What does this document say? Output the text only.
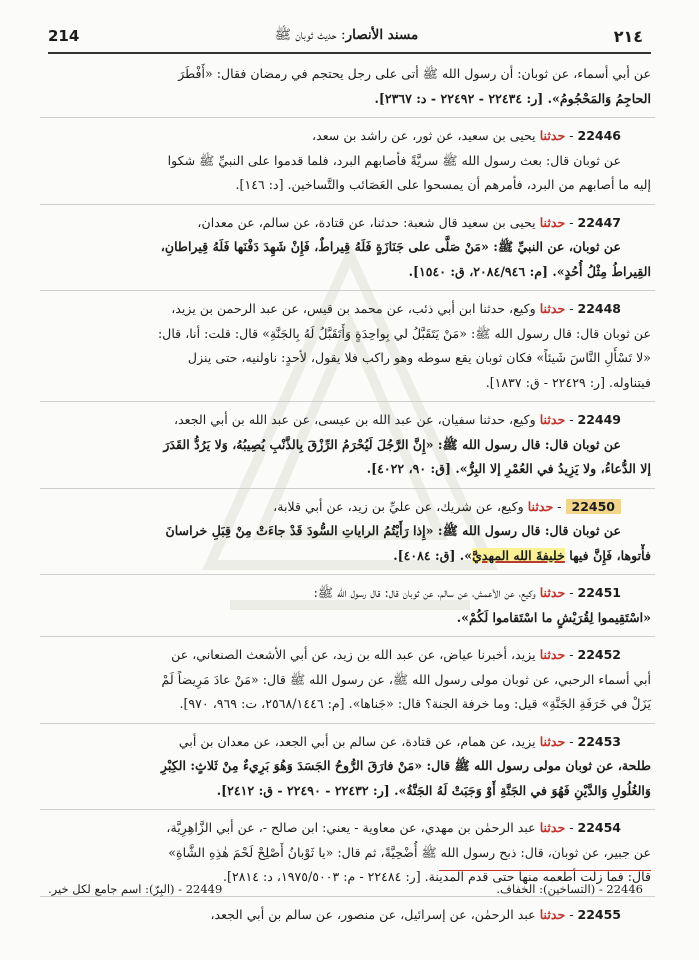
214	مسند الأنصار: حديث ثوبان ﷺ	٢١٤
عن أبي أسماء، عن ثوبان: أن رسول الله ﷺ أتى على رجل يحتجم في رمضان فقال: «أَفْطَرَ
الحاجِمُ وَالمَحْجُومُ». [ر: ٢٢٤٣٤ - ٢٢٤٩٢ - د: ٢٣٦٧].
22446 - حدثنا يحيى بن سعيد، عن ثور، عن راشد بن سعد،
عن ثوبان قال: بعث رسول الله ﷺ سريَّةً فأصابهم البرد، فلما قدموا على النبيِّ ﷺ شكوا
إليه ما أصابهم من البرد، فأمرهم أن يمسحوا على العَصَائب والتَّساخين. [د: ١٤٦].
22447 - حدثنا يحيى بن سعيد قال شعبة: حدثنا، عن قتادة، عن سالم، عن معدان،
عن ثوبان، عن النبيِّ ﷺ: «مَنْ صَلَّى على جَنَازَةٍ فَلَهُ قِيراطٌ، فَإِنْ شَهِدَ دَفْنَها فَلَهُ قِيراطانِ،
القِيراطُ مِثْلُ أُحُدٍ». [م: ٢٠٨٤/٩٤٦، ق: ١٥٤٠].
22448 - حدثنا وكيع، حدثنا ابن أبي ذئب، عن محمد بن قيس، عن عبد الرحمن بن يزيد،
عن ثوبان قال: قال رسول الله ﷺ: «مَنْ يَتَقَبَّلُ لي بِواحِدَةٍ وَأَتَقَبَّلُ لَهُ بِالجَنَّةِ» قال: قلت: أنا، قال:
«لا تَسْأَلِ النَّاسَ شَيئاً» فكان ثوبان يقع سوطه وهو راكب فلا يقول، لأحدٍ: ناولنيه، حتى ينزل
فيتناوله. [ر: ٢٢٤٢٩ - ق: ١٨٣٧].
22449 - حدثنا وكيع، حدثنا سفيان، عن عبد الله بن عيسى، عن عبد الله بن أبي الجعد،
عن ثوبان قال: قال رسول الله ﷺ: «إِنَّ الرَّجُلَ لَيُحْرَمُ الرِّزْقَ بِالذَّنْبِ يُصِيبُهُ، وَلا يَرُدُّ القَدَرَ
إلا الدُّعاءُ، ولا يَزِيدُ في العُمْرِ إلا البِرُّ». [ق: ٩٠، ٤٠٢٢].
22450 - حدثنا وكيع، عن شريك، عن عليِّ بن زيد، عن أبي قلابة،
عن ثوبان قال: قال رسول الله ﷺ: «إِذا رَأَيْتُمُ الراياتِ السُّودَ قَدْ جاءَتْ مِنْ قِبَلِ خراسانَ
فأْتوها، فَإِنَّ فيها خليفةَ الله المهديَّ». [ق: ٤٠٨٤].
22451 - حدثنا وكيع، عن الأعمش، عن سالم، عن ثوبان قال: قال رسول الله ﷺ:
«اسْتَقِيموا لِقُرَيْشٍ ما اسْتَقاموا لَكُمْ».
22452 - حدثنا يزيد، أخبرنا عياض، عن عبد الله بن زيد، عن أبي الأشعث الصنعاني، عن
أبي أسماء الرحبي، عن ثوبان مولى رسول الله ﷺ، عن رسول الله ﷺ قال: «مَنْ عادَ مَرِيضاً لَمْ
يَزَلْ في خَرَفَةِ الجَنَّةِ» قيل: وما خرفة الجنة؟ قال: «جَناها». [م: ٢٥٦٨/١٤٤٦، ت: ٩٦٩، ٩٧٠].
22453 - حدثنا يزيد، عن همام، عن قتادة، عن سالم بن أبي الجعد، عن معدان بن أبي
طلحة، عن ثوبان مولى رسول الله ﷺ قال: «مَنْ فارَقَ الرُّوحُ الجَسَدَ وَهُوَ بَرِيءٌ مِنْ ثَلاثٍ: الكِبْرِ
وَالغُلُولِ وَالدَّيْنِ فَهُوَ في الجَنَّةِ أَوْ وَجَبَتْ لَهُ الجَنَّةُ». [ر: ٢٢٤٣٢ - ٢٢٤٩٠ - ق: ٢٤١٢].
22454 - حدثنا عبد الرحمٰن بن مهدي، عن معاوية - يعني: ابن صالح -، عن أبي الزَّاهِرِيَّة،
عن جبير، عن ثوبان، قال: ذبح رسول الله ﷺ أُضْحِيَّةً، ثم قال: «يا ثَوْبانُ أَصْلِحْ لَحْمَ هٰذِهِ الشَّاةِ»
قال: فما زلت أطعمه منها حتى قدم المدينة. [ر: ٢٢٤٨٤ - م: ١٩٧٥/٥٠٠٣، د: ٢٨١٤].
22455 - حدثنا عبد الرحمٰن، عن إسرائيل، عن منصور، عن سالم بن أبي الجعد،
22446 - (التساخين): الخفاف.
22449 - (البِرّ): اسم جامع لكل خير.
